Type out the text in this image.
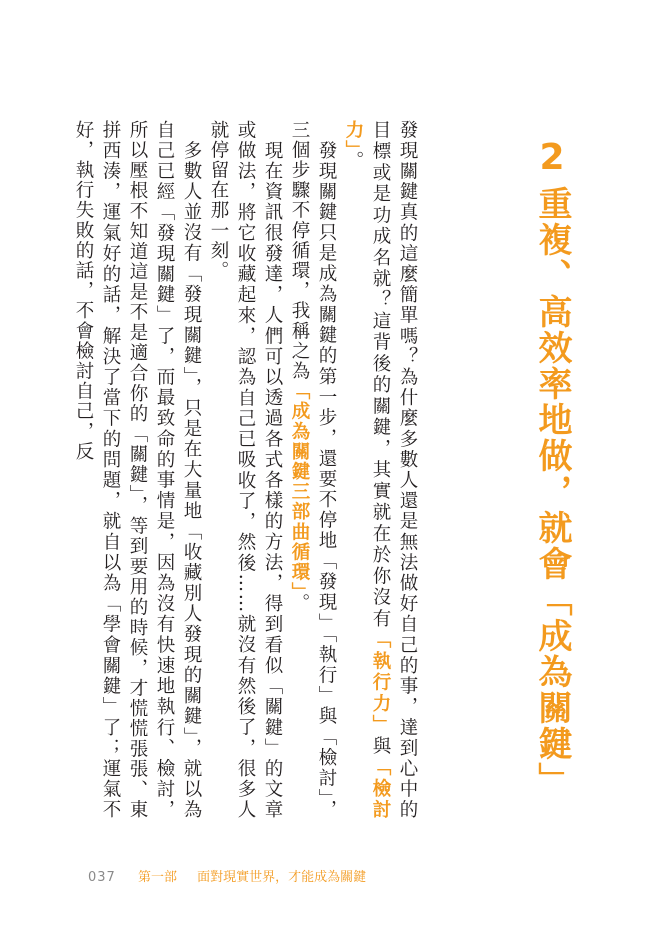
2
重複、高效率地做，就會「成為關鍵」

發現關鍵真的這麼簡單嗎？為什麼多數人還是無法做好自己的事，達到心中的目標或是功成名就？這背後的關鍵，其實就在於你沒有「執行力」與「檢討力」。

　發現關鍵只是成為關鍵的第一步，還要不停地「發現」「執行」與「檢討」，三個步驟不停循環，我稱之為「成為關鍵三部曲循環」。

　現在資訊很發達，人們可以透過各式各樣的方法，得到看似「關鍵」的文章或做法，將它收藏起來，認為自己已吸收了，然後……就沒有然後了，很多人就停留在那一刻。

　多數人並沒有「發現關鍵」，只是在大量地「收藏別人發現的關鍵」，就以為自己已經「發現關鍵」了，而最致命的事情是，因為沒有快速地執行、檢討，所以壓根不知道這是不是適合你的「關鍵」，等到要用的時候，才慌慌張張、東拼西湊，運氣好的話，解決了當下的問題，就自以為「學會關鍵」了；運氣不好，執行失敗的話，不會檢討自己，反

037 第一部 面對現實世界，才能成為關鍵
